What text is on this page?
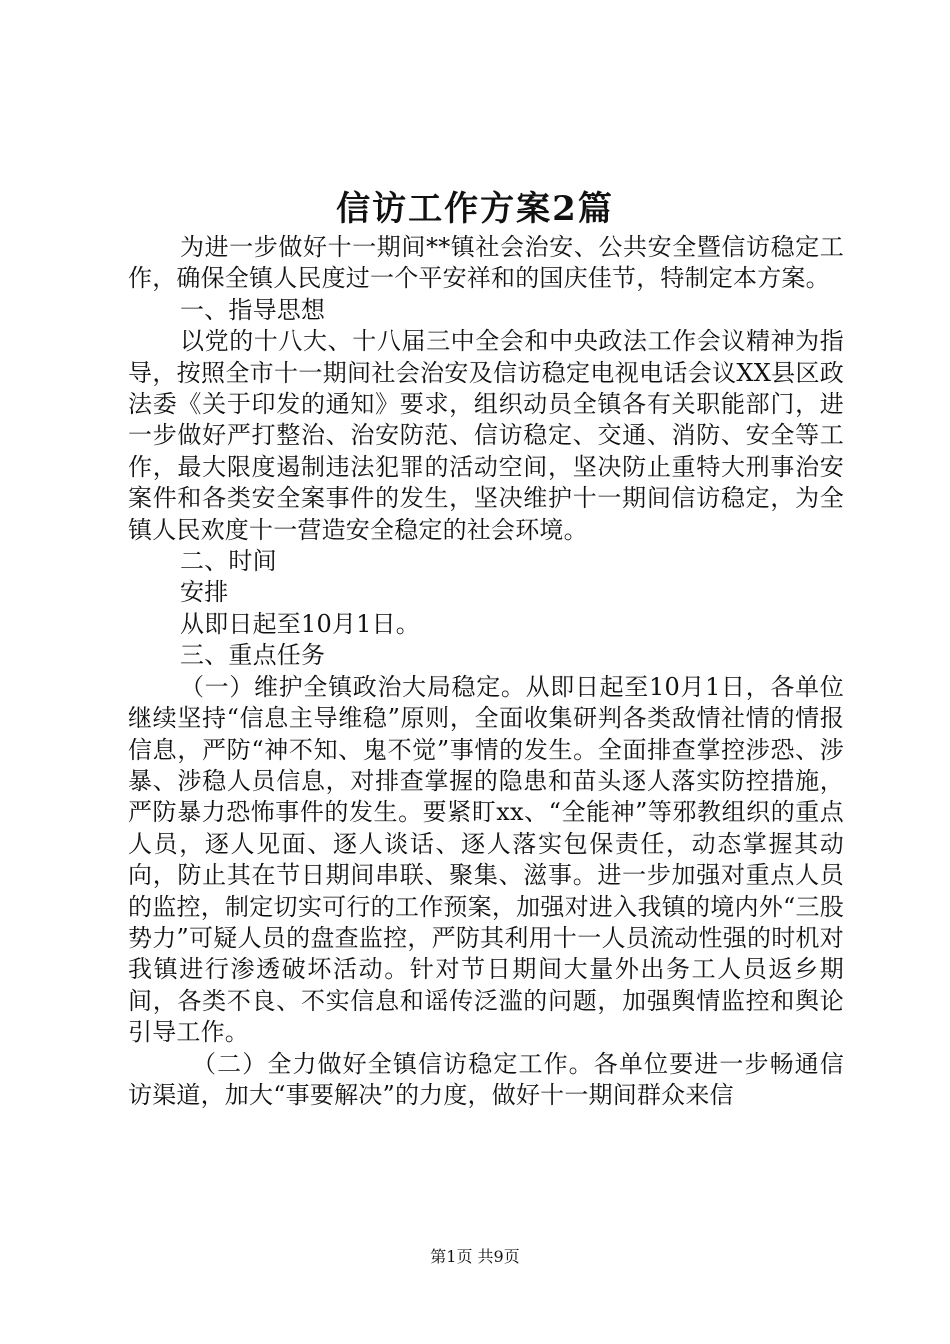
信访工作方案2篇

为进一步做好十一期间**镇社会治安、公共安全暨信访稳定工作，确保全镇人民度过一个平安祥和的国庆佳节，特制定本方案。

一、指导思想

以党的十八大、十八届三中全会和中央政法工作会议精神为指导，按照全市十一期间社会治安及信访稳定电视电话会议XX县区政法委《关于印发的通知》要求，组织动员全镇各有关职能部门，进一步做好严打整治、治安防范、信访稳定、交通、消防、安全等工作，最大限度遏制违法犯罪的活动空间，坚决防止重特大刑事治安案件和各类安全案事件的发生，坚决维护十一期间信访稳定，为全镇人民欢度十一营造安全稳定的社会环境。

二、时间

安排

从即日起至10月1日。

三、重点任务

（一）维护全镇政治大局稳定。从即日起至10月1日，各单位继续坚持“信息主导维稳”原则，全面收集研判各类敌情社情的情报信息，严防“神不知、鬼不觉”事情的发生。全面排查掌控涉恐、涉暴、涉稳人员信息，对排查掌握的隐患和苗头逐人落实防控措施，严防暴力恐怖事件的发生。要紧盯xx、“全能神”等邪教组织的重点人员，逐人见面、逐人谈话、逐人落实包保责任，动态掌握其动向，防止其在节日期间串联、聚集、滋事。进一步加强对重点人员的监控，制定切实可行的工作预案，加强对进入我镇的境内外“三股势力”可疑人员的盘查监控，严防其利用十一人员流动性强的时机对我镇进行渗透破坏活动。针对节日期间大量外出务工人员返乡期间，各类不良、不实信息和谣传泛滥的问题，加强舆情监控和舆论引导工作。

（二）全力做好全镇信访稳定工作。各单位要进一步畅通信访渠道，加大“事要解决”的力度，做好十一期间群众来信

第1页 共9页
